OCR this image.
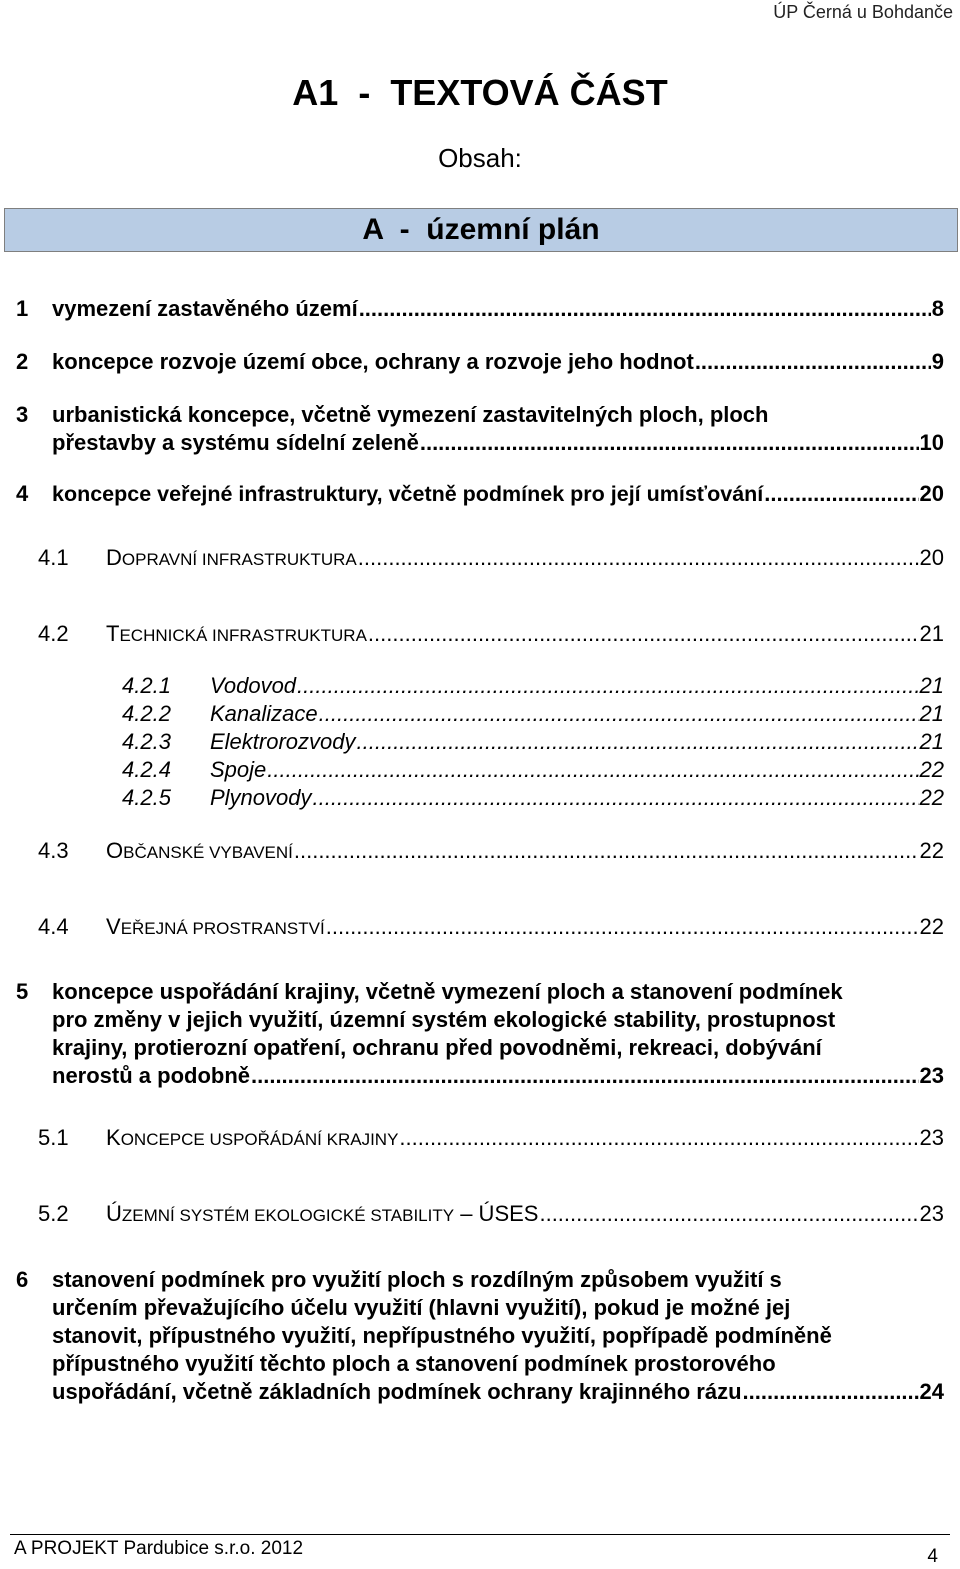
ÚP Černá u Bohdanče
A1  -  TEXTOVÁ ČÁST
Obsah:
A  -  územní plán
1	vymezení zastavěného území .....	8
2	koncepce rozvoje území obce, ochrany a rozvoje jeho hodnot .....	9
3 urbanistická koncepce, včetně vymezení zastavitelných ploch, ploch
přestavby a systému sídelní zeleně .....	10
4	koncepce veřejné infrastruktury, včetně podmínek pro její umísťování .....	20
4.1	DOPRAVNÍ INFRASTRUKTURA .....	20
4.2	TECHNICKÁ INFRASTRUKTURA .....	21
4.2.1	Vodovod .....	21
4.2.2	Kanalizace .....	21
4.2.3	Elektrorozvody .....	21
4.2.4	Spoje .....	22
4.2.5	Plynovody .....	22
4.3	OBČANSKÉ VYBAVENÍ .....	22
4.4	VEŘEJNÁ PROSTRANSTVÍ .....	22
5 koncepce uspořádání krajiny, včetně vymezení ploch a stanovení podmínek
pro změny v jejich využití, územní systém ekologické stability, prostupnost
krajiny, protierozní opatření, ochranu před povodněmi, rekreaci, dobývání
nerostů a podobně .....	23
5.1	KONCEPCE USPOŘÁDÁNÍ KRAJINY .....	23
5.2	ÚZEMNÍ SYSTÉM EKOLOGICKÉ STABILITY – ÚSES .....	23
6 stanovení podmínek pro využití ploch s rozdílným způsobem využití s
určením převažujícího účelu využití (hlavni využití), pokud je možné jej
stanovit, přípustného využití, nepřípustného využití, popřípadě podmíněně
přípustného využití těchto ploch a stanovení podmínek prostorového
uspořádání, včetně základních podmínek ochrany krajinného rázu .....	24
A PROJEKT Pardubice s.r.o. 2012	4
